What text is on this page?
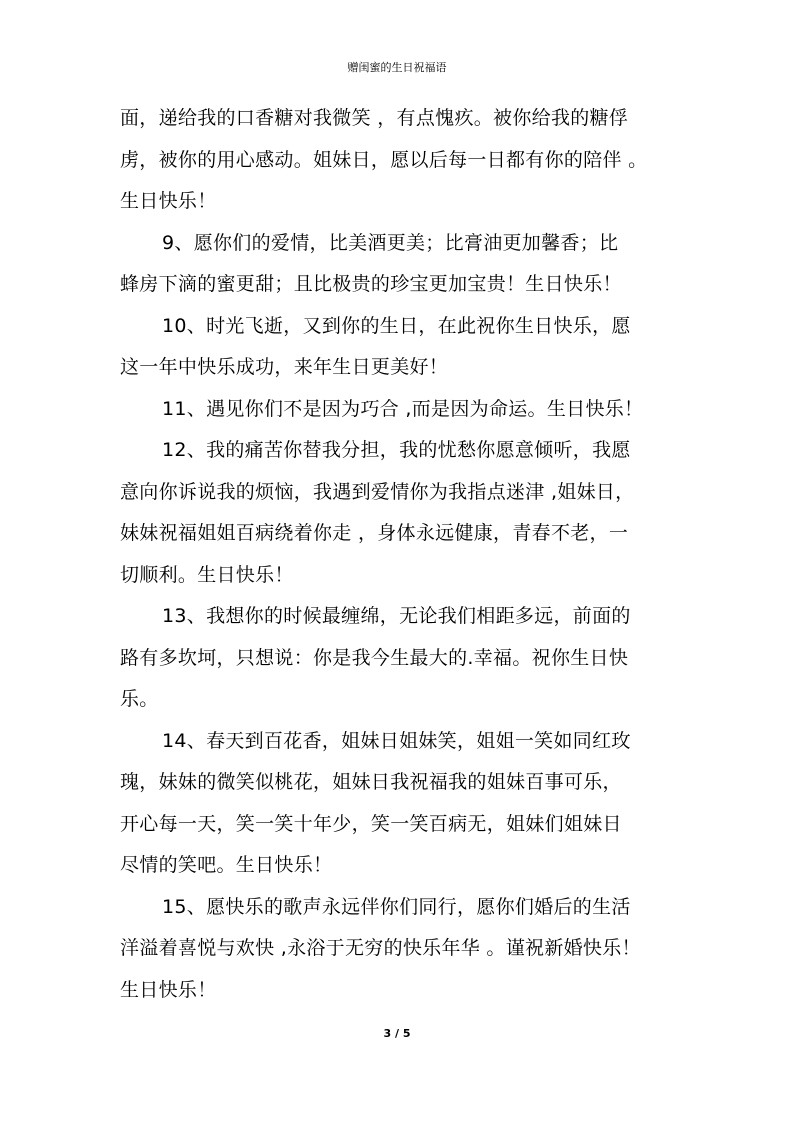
赠闺蜜的生日祝福语
面，递给我的口香糖对我微笑 ，有点愧疚。被你给我的糖俘
虏，被你的用心感动。姐妹日，愿以后每一日都有你的陪伴 。
生日快乐！
9、愿你们的爱情，比美酒更美；比膏油更加馨香；比
蜂房下滴的蜜更甜；且比极贵的珍宝更加宝贵！生日快乐！
10、时光飞逝，又到你的生日，在此祝你生日快乐，愿
这一年中快乐成功，来年生日更美好！
11、遇见你们不是因为巧合 ,而是因为命运。生日快乐！
12、我的痛苦你替我分担，我的忧愁你愿意倾听，我愿
意向你诉说我的烦恼，我遇到爱情你为我指点迷津 ,姐妹日，
妹妹祝福姐姐百病绕着你走 ，身体永远健康，青春不老，一
切顺利。生日快乐！
13、我想你的时候最缠绵，无论我们相距多远，前面的
路有多坎坷，只想说：你是我今生最大的.幸福。祝你生日快
乐。
14、春天到百花香，姐妹日姐妹笑，姐姐一笑如同红玫
瑰，妹妹的微笑似桃花，姐妹日我祝福我的姐妹百事可乐，
开心每一天，笑一笑十年少，笑一笑百病无，姐妹们姐妹日
尽情的笑吧。生日快乐！
15、愿快乐的歌声永远伴你们同行，愿你们婚后的生活
洋溢着喜悦与欢快 ,永浴于无穷的快乐年华 。谨祝新婚快乐！
生日快乐！
3 / 5
